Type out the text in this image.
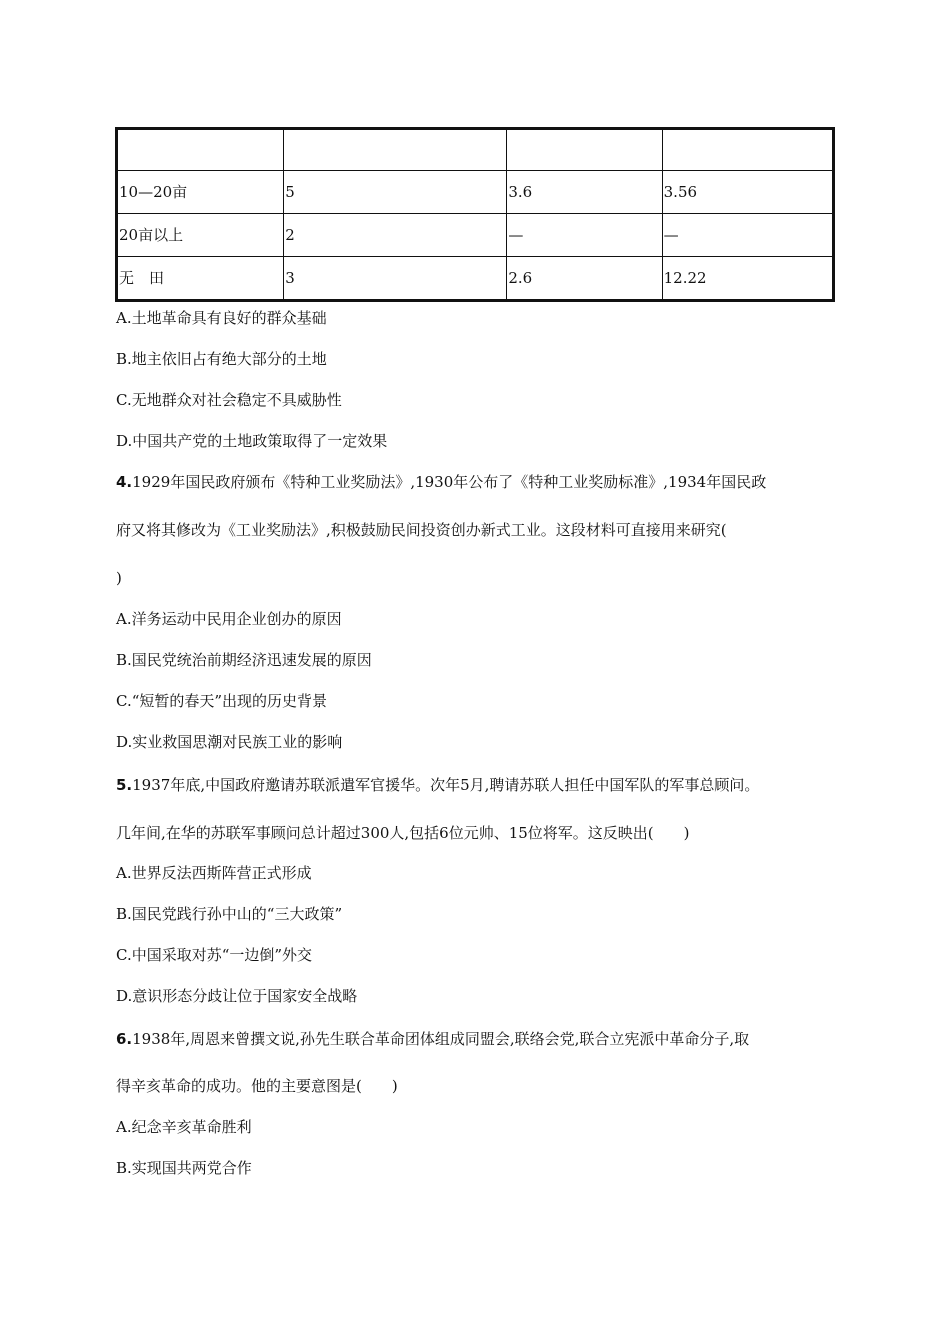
10—20亩	5	3.6	3.56
20亩以上	2	—	—
无　田	3	2.6	12.22
A.土地革命具有良好的群众基础
B.地主依旧占有绝大部分的土地
C.无地群众对社会稳定不具威胁性
D.中国共产党的土地政策取得了一定效果
4.1929年国民政府颁布《特种工业奖励法》,1930年公布了《特种工业奖励标准》,1934年国民政
府又将其修改为《工业奖励法》,积极鼓励民间投资创办新式工业。这段材料可直接用来研究(
)
A.洋务运动中民用企业创办的原因
B.国民党统治前期经济迅速发展的原因
C.“短暂的春天”出现的历史背景
D.实业救国思潮对民族工业的影响
5.1937年底,中国政府邀请苏联派遣军官援华。次年5月,聘请苏联人担任中国军队的军事总顾问。
几年间,在华的苏联军事顾问总计超过300人,包括6位元帅、15位将军。这反映出(　　)
A.世界反法西斯阵营正式形成
B.国民党践行孙中山的“三大政策”
C.中国采取对苏“一边倒”外交
D.意识形态分歧让位于国家安全战略
6.1938年,周恩来曾撰文说,孙先生联合革命团体组成同盟会,联络会党,联合立宪派中革命分子,取
得辛亥革命的成功。他的主要意图是(　　)
A.纪念辛亥革命胜利
B.实现国共两党合作
